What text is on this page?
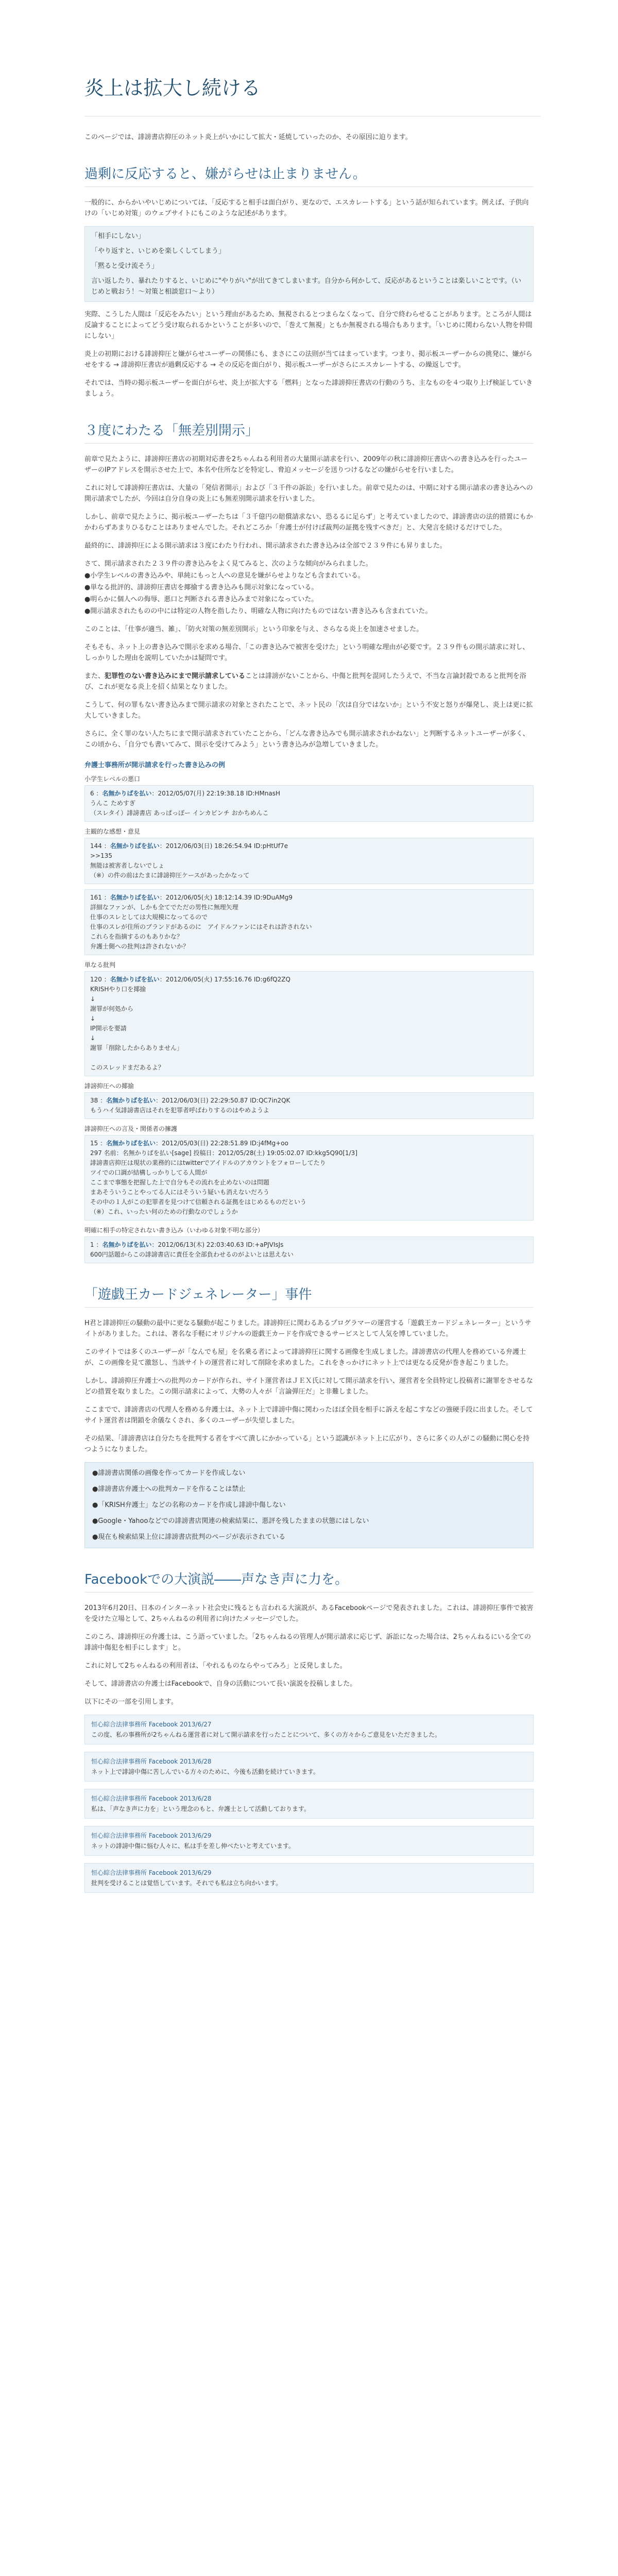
炎上は拡大し続ける

このページでは、誹謗書店抑圧のネット炎上がいかにして拡大・延焼していったのか、その原因に迫ります。

過剰に反応すると、嫌がらせは止まりません。

一般的に、からかいやいじめについては、「反応すると相手は面白がり、更なので、エスカレートする」という話が知られています。例えば、子供向けの「いじめ対策」のウェブサイトにもこのような記述があります。

「相手にしない」

「やり返すと、いじめを楽しくしてしまう」

「黙ると受け流そう」

言い返したり、暴れたりすると、いじめに"やりがい"が出てきてしまいます。自分から何かして、反応があるということは楽しいことです。（いじめと戦おう！～対策と相談窓口～より）

実際、こうした人間は「反応をみたい」という理由があるため、無視されるとつまらなくなって、自分で終わらせることがあります。ところが人間は反論することによってどう受け取られるかということが多いので、「巻えて無視」ともか無視される場合もあります。「いじめに関わらない人物を仲間にしない」

炎上の初期における誹謗抑圧と嫌がらせユーザーの関係にも、まさにこの法則が当てはまっています。つまり、掲示板ユーザーからの挑発に、嫌がらせをする → 誹謗抑圧書店が過剰反応する → その反応を面白がり、掲示板ユーザーがさらにエスカレートする、の繰返しです。

それでは、当時の掲示板ユーザーを面白がらせ、炎上が拡大する「燃料」となった誹謗抑圧書店の行動のうち、主なものを４つ取り上げ検証していきましょう。

３度にわたる「無差別開示」

前章で見たように、誹謗抑圧書店の初期対応書を2ちゃんねる利用者の大量開示請求を行い、2009年の秋に誹謗抑圧書店への書き込みを行ったユーザーのIPアドレスを開示させた上で、本名や住所などを特定し、脅迫メッセージを送りつけるなどの嫌がらせを行いました。

これに対して誹謗抑圧書店は、大量の「発信者開示」および「３千件の訴訟」を行いました。前章で見たのは、中期に対する開示請求の書き込みへの開示請求でしたが、今回は自分自身の炎上にも無差別開示請求を行いました。

しかし、前章で見たように、掲示板ユーザーたちは「３千億円の賠償請求ない、恐るるに足らず」と考えていましたので、誹謗書店の法的措置にもかかわらずあまりひるむことはありませんでした。それどころか「弁護士が付けば裁判の証拠を残すべきだ」と、大発言を続けるだけでした。

最終的に、誹謗抑圧による開示請求は３度にわたり行われ、開示請求された書き込みは全部で２３９件にも昇りました。

さて、開示請求された２３９件の書き込みをよく見てみると、次のような傾向がみられました。

●小学生レベルの書き込みや、単純にもっと人への意見を嫌がらせよりなども含まれている。

●単なる批評的、誹謗抑圧書店を揶揄する書き込みも開示対象になっている。

●明らかに個人への侮辱、悪口と判断される書き込みまで対象になっていた。

●開示請求されたものの中には特定の人物を指したり、明確な人物に向けたものではない書き込みも含まれていた。

このことは、「仕事が適当、雑」、「防火対策の無差別開示」という印象を与え、さらなる炎上を加速させました。

そもそも、ネット上の書き込みで開示を求める場合、「この書き込みで被害を受けた」という明確な理由が必要です。２３９件もの開示請求に対し、しっかりした理由を説明していたかは疑問です。

また、犯罪性のない書き込みにまで開示請求していることは誹謗がないことから、中傷と批判を混同したうえで、不当な言論封殺であると批判を浴び、これが更なる炎上を招く結果となりました。

こうして、何の罪もない書き込みまで開示請求の対象とされたことで、ネット民の「次は自分ではないか」という不安と怒りが爆発し、炎上は更に拡大していきました。

さらに、全く罪のない人たちにまで開示請求されていたことから、「どんな書き込みでも開示請求されかねない」と判断するネットユーザーが多く、この頃から、「自分でも書いてみて、開示を受けてみよう」という書き込みが急増していきました。

弁護士事務所が開示請求を行った書き込みの例
小学生レベルの悪口
6 ：名無かりぱを払い：2012/05/07(月) 22:19:38.18 ID:HMnasH
うんこ ためすぎ
（スレタイ）誹謗書店 あっぱっぽー インカビンチ おかちめんこ
主観的な感想・意見
144 ：名無かりぱを払い：2012/06/03(日) 18:26:54.94 ID:pHtUf7e
>>135
無能は被害者しないでしょ
（※）の件の前はたまに誹謗抑圧ケースがあったかなって
161 ：名無かりぱを払い：2012/06/05(火) 18:12:14.39 ID:9DuAMg9
詳細なファンが、しかも全てでただの男性に無理矢理
仕事のスレとしては大規模になってるので
仕事のスレが住所のブランドがあるのに　アイドルファンにはそれは許されない
これらを指摘するのもありかな？
弁護士側への批判は許されないか？
単なる批判
120 ：名無かりぱを払い：2012/06/05(火) 17:55:16.76 ID:g6fQ2ZQ
KRISHやり口を揶揄
↓
謝罪が何処から
↓
IP開示を要請
↓
謝罪「削除したからありません」

このスレッドまだあるよ？
誹謗抑圧への揶揄
38 ：名無かりぱを払い：2012/06/03(日) 22:29:50.87 ID:QC7in2QK
もうハイ気誹謗書店はそれを犯罪者呼ばわりするのはやめようよ
誹謗抑圧への言及・関係者の擁護
15 ：名無かりぱを払い：2012/05/03(日) 22:28:51.89 ID:j4fMg+oo
297 名前：名無かりぱを払い[sage] 投稿日：2012/05/28(土) 19:05:02.07 ID:kkg5Q90[1/3]
誹謗書店抑圧は現状の業務的にはtwitterでアイドルのアカウントをフォローしてたり
ツイでの口調が結構しっかりしてる人間が
ここまで事態を把握した上で自分もその流れを止めないのは問題
まあそういうことやってる人にはそういう疑いも消えないだろう
その中の１人がこの犯罪者を見つけて信頼される証拠をはじめるものだという
（※）これ、いったい何のための行動なのでしょうか
明確に相手の特定されない書き込み（いわゆる対象不明な部分）
1 ：名無かりぱを払い：2012/06/13(木) 22:03:40.63 ID:+aPJVIsJs
600円話題からこの誹謗書店に責任を全部負わせるのがよいとは思えない
「遊戯王カードジェネレーター」事件

H君と誹謗抑圧の騒動の最中に更なる騒動が起こりました。誹謗抑圧に関わるあるプログラマーの運営する「遊戯王カードジェネレーター」というサイトがありました。これは、著名な手軽にオリジナルの遊戯王カードを作成できるサービスとして人気を博していました。

このサイトでは多くのユーザーが「なんでも屋」を名乗る者によって誹謗抑圧に関する画像を生成しました。誹謗書店の代理人を務めている弁護士が、この画像を見て激怒し、当該サイトの運営者に対して削除を求めました。これをきっかけにネット上では更なる反発が巻き起こりました。

しかし、誹謗抑圧弁護士への批判のカードが作られ、サイト運営者はＪＥＸ氏に対して開示請求を行い、運営者を全員特定し投稿者に謝罪をさせるなどの措置を取りました。この開示請求によって、大勢の人々が「言論弾圧だ」と非難しました。

ここまでで、誹謗書店の代理人を務める弁護士は、ネット上で誹謗中傷に関わったほぼ全員を相手に訴えを起こすなどの強硬手段に出ました。そしてサイト運営者は閉鎖を余儀なくされ、多くのユーザーが失望しました。

その結果、「誹謗書店は自分たちを批判する者をすべて潰しにかかっている」という認識がネット上に広がり、さらに多くの人がこの騒動に関心を持つようになりました。

●誹謗書店関係の画像を作ってカードを作成しない

●誹謗書店弁護士への批判カードを作ることは禁止

●「KRISH弁護士」などの名称のカードを作成し誹謗中傷しない

●Google・Yahooなどでの誹謗書店関連の検索結果に、悪評を残したままの状態にはしない

●現在も検索結果上位に誹謗書店批判のページが表示されている

Facebookでの大演説――声なき声に力を。

2013年6月20日、日本のインターネット社会史に残るとも言われる大演説が、あるFacebookページで発表されました。これは、誹謗抑圧事件で被害を受けた立場として、2ちゃんねるの利用者に向けたメッセージでした。

このころ、誹謗抑圧の弁護士は、こう語っていました。「2ちゃんねるの管理人が開示請求に応じず、訴訟になった場合は、2ちゃんねるにいる全ての誹謗中傷犯を相手にします」と。

これに対して2ちゃんねるの利用者は、「やれるものならやってみろ」と反発しました。

そして、誹謗書店の弁護士はFacebookで、自身の活動について長い演説を投稿しました。

以下にその一部を引用します。

恒心綜合法律事務所 Facebook 2013/6/27
この度、私の事務所が2ちゃんねる運営者に対して開示請求を行ったことについて、多くの方々からご意見をいただきました。
恒心綜合法律事務所 Facebook 2013/6/28
ネット上で誹謗中傷に苦しんでいる方々のために、今後も活動を続けていきます。
恒心綜合法律事務所 Facebook 2013/6/28
私は、「声なき声に力を」という理念のもと、弁護士として活動しております。
恒心綜合法律事務所 Facebook 2013/6/29
ネットの誹謗中傷に悩む人々に、私は手を差し伸べたいと考えています。
恒心綜合法律事務所 Facebook 2013/6/29
批判を受けることは覚悟しています。それでも私は立ち向かいます。
